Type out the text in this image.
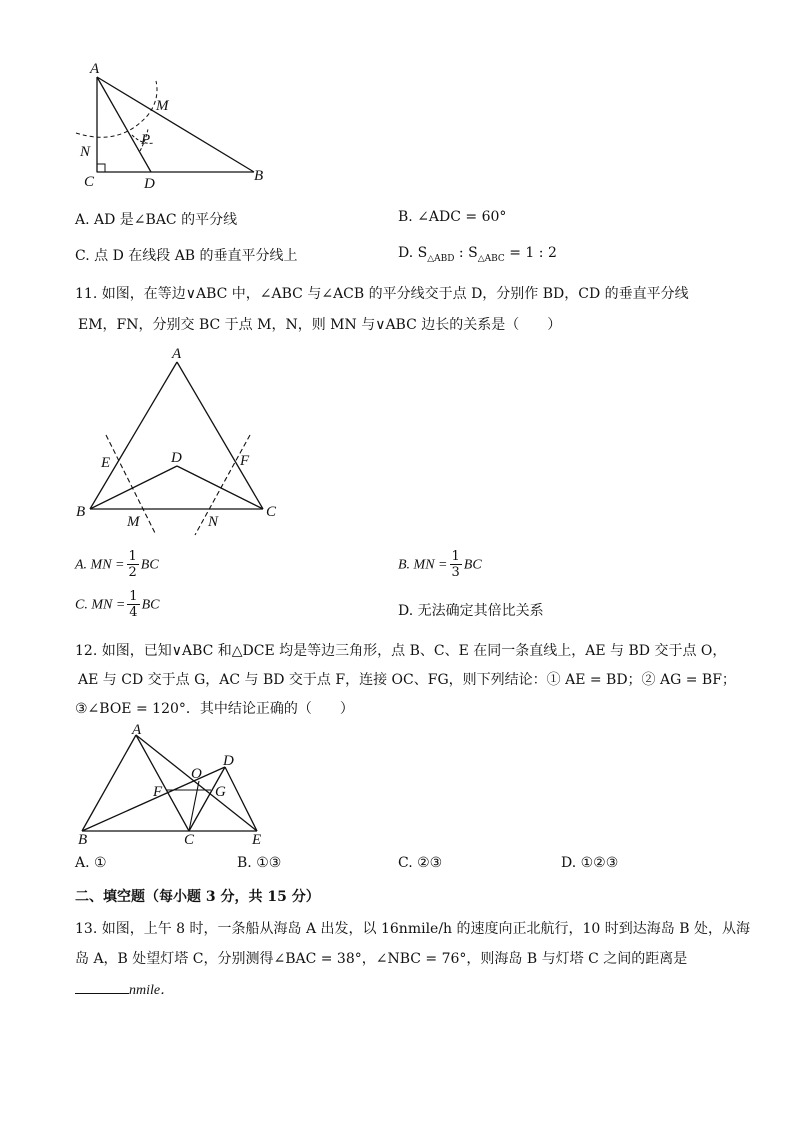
A
M
P
N
C	D	B
A. AD 是∠BAC 的平分线	B. ∠ADC = 60°
C. 点 D 在线段 AB 的垂直平分线上	D. $S_{\triangle ABD}$ : $S_{\triangle ABC} = 1$ : 2
11. 如图，在等边∨ABC 中，∠ABC 与∠ACB 的平分线交于点 D，分别作 BD，CD 的垂直平分线
EM，FN，分别交 BC 于点 M，N，则 MN 与∨ABC 边长的关系是（　　）
A
D
E	F
B
M	N
C
A. MN = $\frac{1}{2}$ BC	B. MN = $\frac{1}{3}$ BC
C. MN = $\frac{1}{4}$ BC	D. 无法确定其倍比关系
12. 如图，已知∨ABC 和△DCE 均是等边三角形，点 B、C、E 在同一条直线上，AE 与 BD 交于点 O，
AE 与 CD 交于点 G，AC 与 BD 交于点 F，连接 OC、FG，则下列结论：① AE = BD；② AG = BF；
③∠BOE = 120°．其中结论正确的（　　）
A
D
O
F	G
B	C	E
A. ①	B. ①③	C. ②③	D. ①②③
二、填空题（每小题 3 分，共 15 分）
13. 如图，上午 8 时，一条船从海岛 A 出发，以 16nmile/h 的速度向正北航行，10 时到达海岛 B 处，从海
岛 A，B 处望灯塔 C，分别测得∠BAC = 38°，∠NBC = 76°，则海岛 B 与灯塔 C 之间的距离是
nmile．
